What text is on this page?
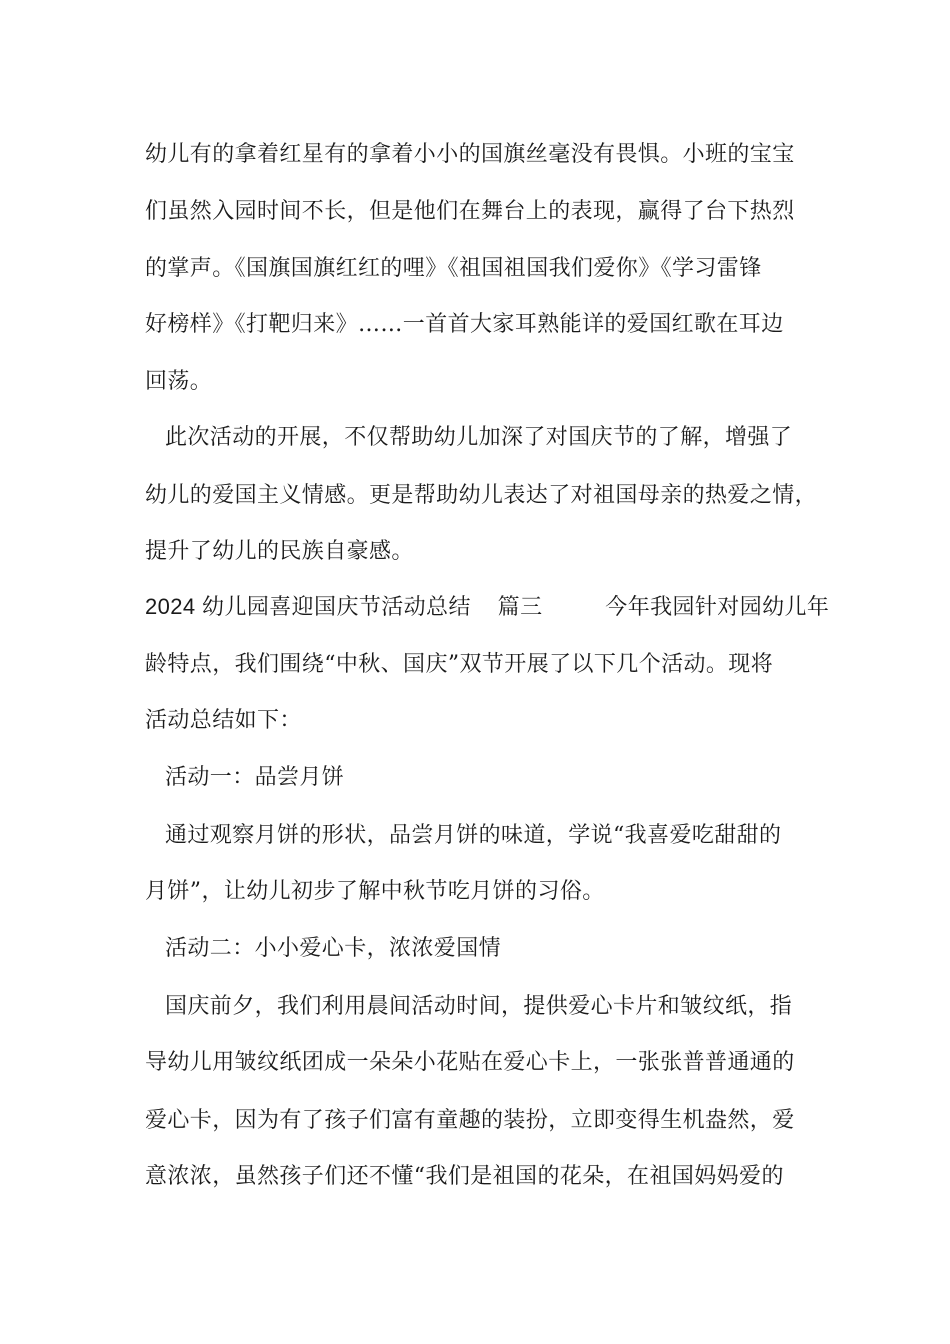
幼儿有的拿着红星有的拿着小小的国旗丝毫没有畏惧。小班的宝宝
们虽然入园时间不长，但是他们在舞台上的表现，赢得了台下热烈
的掌声。《国旗国旗红红的哩》《祖国祖国我们爱你》《学习雷锋
好榜样》《打靶归来》……一首首大家耳熟能详的爱国红歌在耳边
回荡。
此次活动的开展，不仅帮助幼儿加深了对国庆节的了解，增强了
幼儿的爱国主义情感。更是帮助幼儿表达了对祖国母亲的热爱之情，
提升了幼儿的民族自豪感。
2024 幼儿园喜迎国庆节活动总结 篇三	今年我园针对园幼儿年
龄特点，我们围绕“中秋、国庆”双节开展了以下几个活动。现将
活动总结如下：
活动一：品尝月饼
通过观察月饼的形状，品尝月饼的味道，学说“我喜爱吃甜甜的
月饼”，让幼儿初步了解中秋节吃月饼的习俗。
活动二：小小爱心卡，浓浓爱国情
国庆前夕，我们利用晨间活动时间，提供爱心卡片和皱纹纸，指
导幼儿用皱纹纸团成一朵朵小花贴在爱心卡上，一张张普普通通的
爱心卡，因为有了孩子们富有童趣的装扮，立即变得生机盎然，爱
意浓浓，虽然孩子们还不懂“我们是祖国的花朵，在祖国妈妈爱的
